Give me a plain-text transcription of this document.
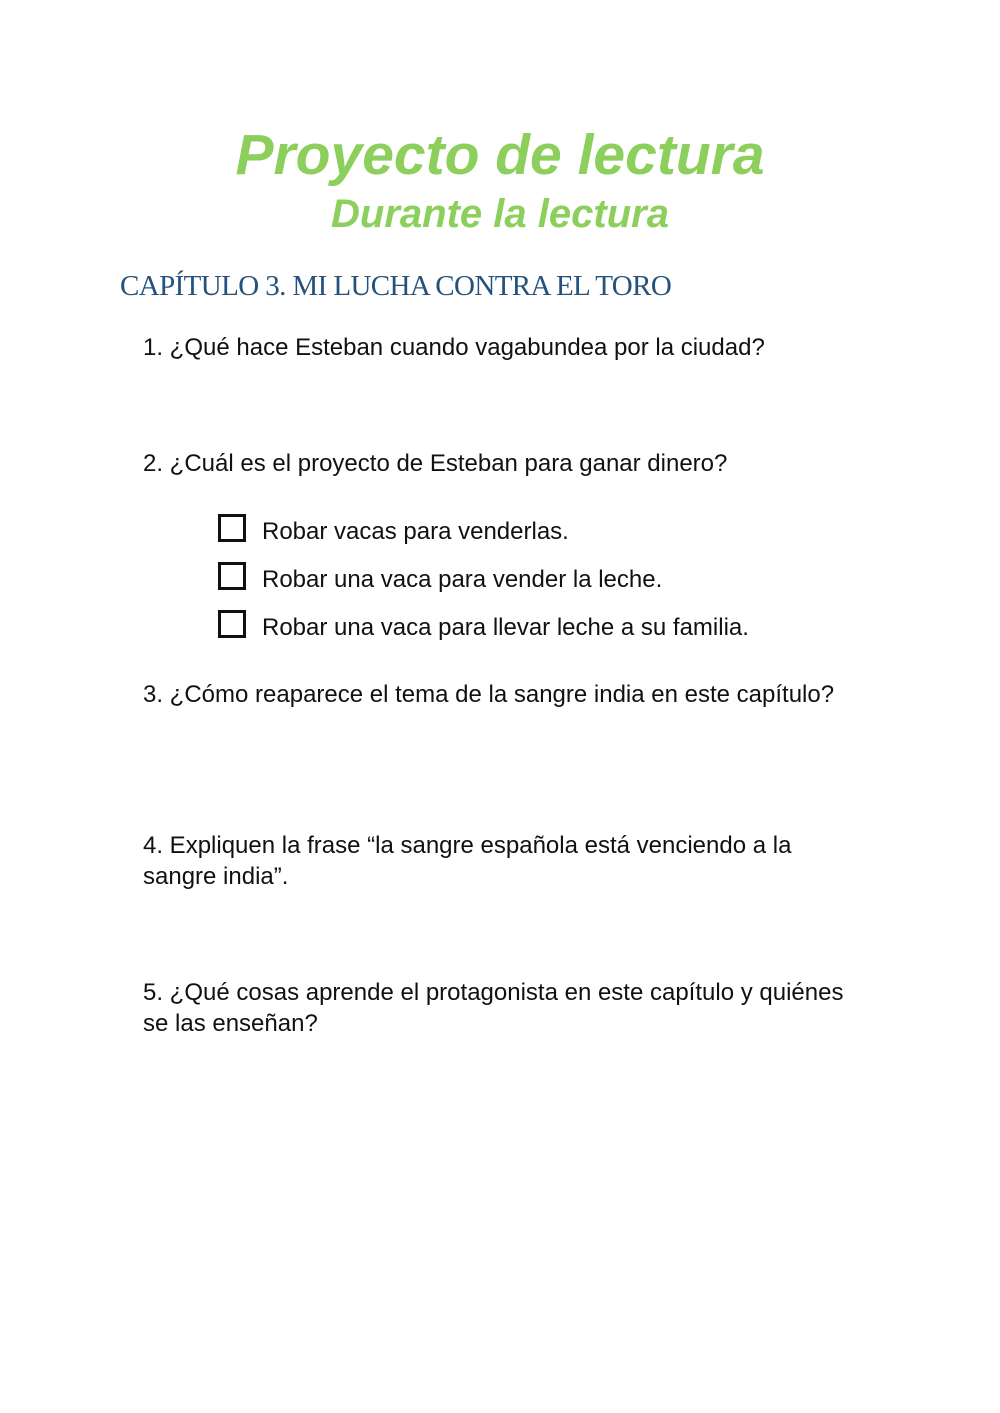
Proyecto de lectura
Durante la lectura
CAPÍTULO 3. MI LUCHA CONTRA EL TORO
1. ¿Qué hace Esteban cuando vagabundea por la ciudad?
2. ¿Cuál es el proyecto de Esteban para ganar dinero?
Robar vacas para venderlas.
Robar una vaca para vender la leche.
Robar una vaca para llevar leche a su familia.
3. ¿Cómo reaparece el tema de la sangre india en este capítulo?
4. Expliquen la frase “la sangre española está venciendo a la sangre india”.
5. ¿Qué cosas aprende el protagonista en este capítulo y quiénes se las enseñan?
